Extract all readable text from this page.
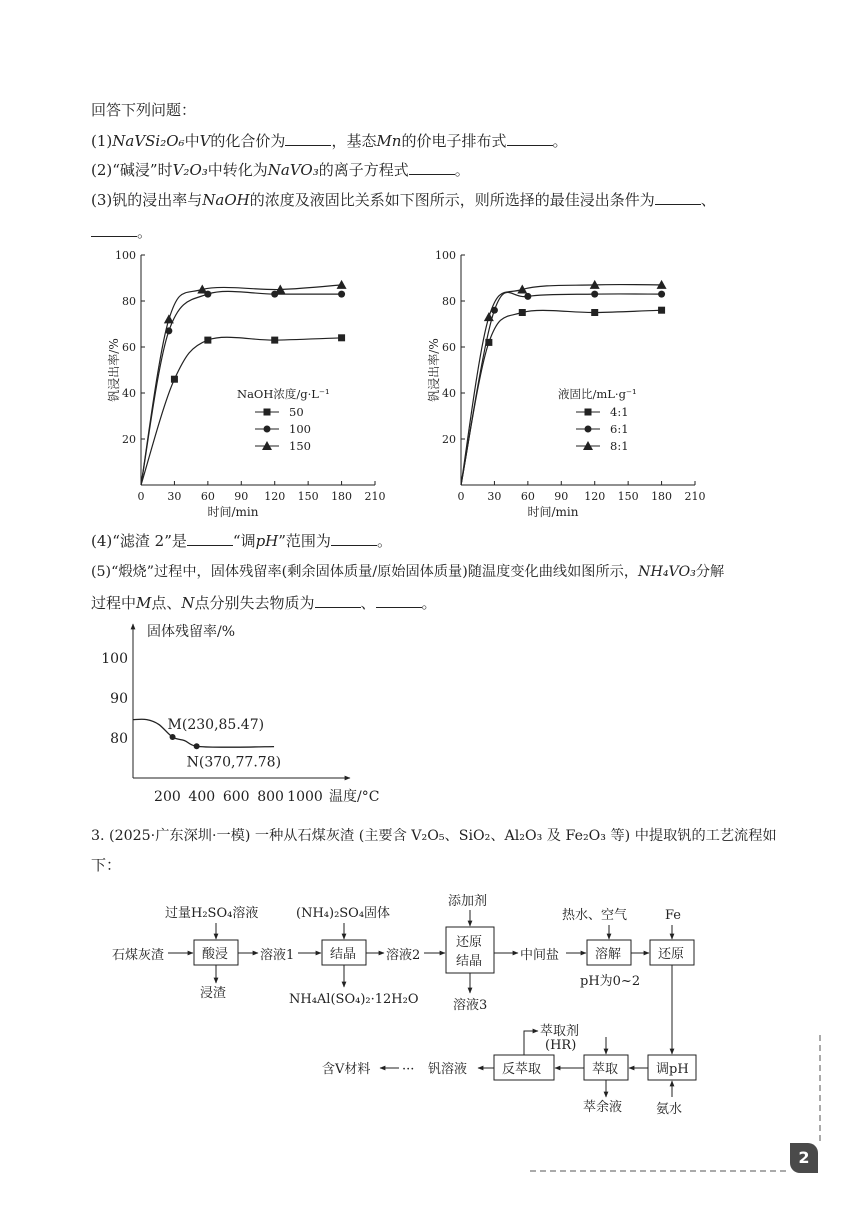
回答下列问题：
(1)NaVSi₂O₆中V的化合价为	，基态Mn的价电子排布式	。
(2)“碱浸”时V₂O₃中转化为NaVO₃的离子方程式	。
(3)钒的浸出率与NaOH的浓度及液固比关系如下图所示，则所选择的最佳浸出条件为	、
。
(4)“滤渣 2”是	“调pH”范围为	。
(5)“煅烧”过程中，固体残留率(剩余固体质量/原始固体质量)随温度变化曲线如图所示，NH₄VO₃分解
过程中M点、N点分别失去物质为	、	。
3. (2025·广东深圳·一模) 一种从石煤灰渣 (主要含 V₂O₅、SiO₂、Al₂O₃ 及 Fe₂O₃ 等) 中提取钒的工艺流程如
下：
0 30 60 90 120 150 180 210
20
40
60
80
100
时间/min
钒浸出率/%	NaOH浓度/g·L⁻¹
50
100
150
0 30 60 90 120 150 180 210
20
40
60
80
100
时间/min
钒浸出率/%	液固比/mL·g⁻¹
4:1
6:1
8:1
固体残留率/%
温度/°C
200 400 600 800 1000
80
90
100
M(230,85.47)
N(370,77.78)
过量H₂SO₄溶液	(NH₄)₂SO₄固体
添加剂
热水、空气	Fe
石煤灰渣	溶液1	溶液2	中间盐
浸渣	NH₄Al(SO₄)₂·12H₂O	溶液3
pH为0~2
酸浸	结晶
还原
结晶	溶解	还原
萃取剂
(HR)
反萃取	萃取	调pH
钒溶液
···
含V材料
萃余液	氨水
2
